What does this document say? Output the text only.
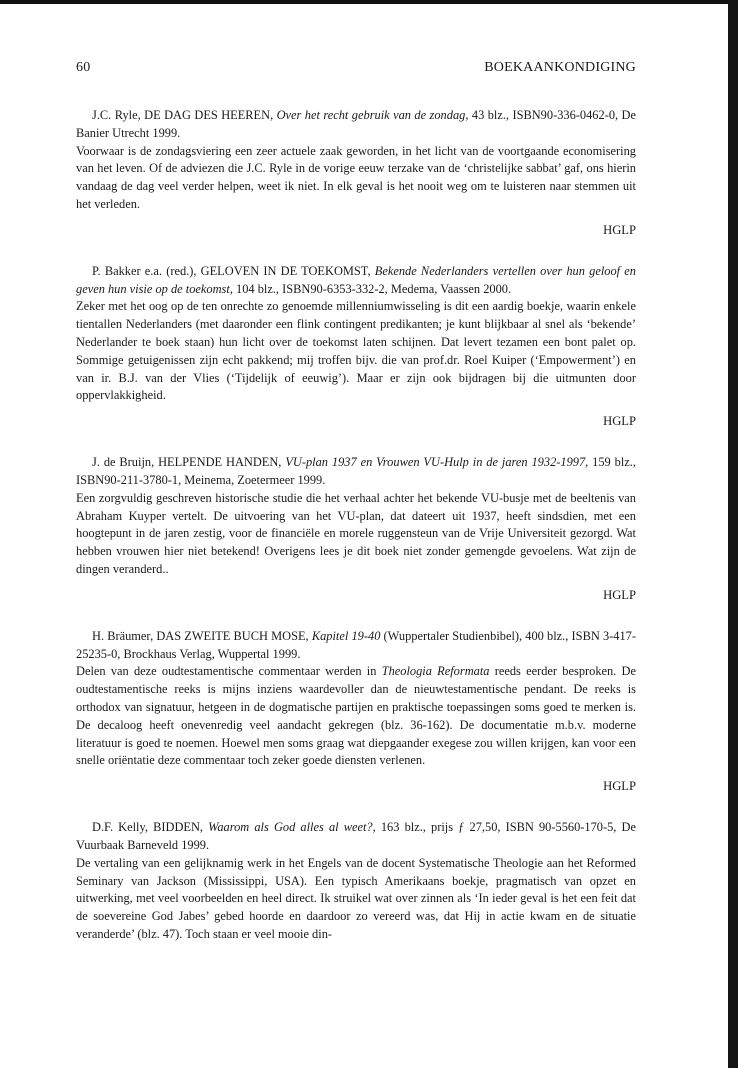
60	BOEKAANKONDIGING

J.C. Ryle, DE DAG DES HEEREN, Over het recht gebruik van de zondag, 43 blz., ISBN90-336-0462-0, De Banier Utrecht 1999.

Voorwaar is de zondagsviering een zeer actuele zaak geworden, in het licht van de voortgaande economisering van het leven. Of de adviezen die J.C. Ryle in de vorige eeuw terzake van de ‘christelijke sabbat’ gaf, ons hierin vandaag de dag veel verder helpen, weet ik niet. In elk geval is het nooit weg om te luisteren naar stemmen uit het verleden.

HGLP

P. Bakker e.a. (red.), GELOVEN IN DE TOEKOMST, Bekende Nederlanders vertellen over hun geloof en geven hun visie op de toekomst, 104 blz., ISBN90-6353-332-2, Medema, Vaassen 2000.

Zeker met het oog op de ten onrechte zo genoemde millenniumwisseling is dit een aardig boekje, waarin enkele tientallen Nederlanders (met daaronder een flink contingent predikanten; je kunt blijkbaar al snel als ‘bekende’ Nederlander te boek staan) hun licht over de toekomst laten schijnen. Dat levert tezamen een bont palet op. Sommige getuigenissen zijn echt pakkend; mij troffen bijv. die van prof.dr. Roel Kuiper (‘Empowerment’) en van ir. B.J. van der Vlies (‘Tijdelijk of eeuwig’). Maar er zijn ook bijdragen bij die uitmunten door oppervlakkigheid.

HGLP

J. de Bruijn, HELPENDE HANDEN, VU-plan 1937 en Vrouwen VU-Hulp in de jaren 1932-1997, 159 blz., ISBN90-211-3780-1, Meinema, Zoetermeer 1999.

Een zorgvuldig geschreven historische studie die het verhaal achter het bekende VU-busje met de beeltenis van Abraham Kuyper vertelt. De uitvoering van het VU-plan, dat dateert uit 1937, heeft sindsdien, met een hoogtepunt in de jaren zestig, voor de financiële en morele ruggensteun van de Vrije Universiteit gezorgd. Wat hebben vrouwen hier niet betekend! Overigens lees je dit boek niet zonder gemengde gevoelens. Wat zijn de dingen veranderd..

HGLP

H. Bräumer, DAS ZWEITE BUCH MOSE, Kapitel 19-40 (Wuppertaler Studienbibel), 400 blz., ISBN 3-417-25235-0, Brockhaus Verlag, Wuppertal 1999.

Delen van deze oudtestamentische commentaar werden in Theologia Reformata reeds eerder besproken. De oudtestamentische reeks is mijns inziens waardevoller dan de nieuwtestamentische pendant. De reeks is orthodox van signatuur, hetgeen in de dogmatische partijen en praktische toepassingen soms goed te merken is. De decaloog heeft onevenredig veel aandacht gekregen (blz. 36-162). De documentatie m.b.v. moderne literatuur is goed te noemen. Hoewel men soms graag wat diepgaander exegese zou willen krijgen, kan voor een snelle oriëntatie deze commentaar toch zeker goede diensten verlenen.

HGLP

D.F. Kelly, BIDDEN, Waarom als God alles al weet?, 163 blz., prijs ƒ 27,50, ISBN 90-5560-170-5, De Vuurbaak Barneveld 1999.

De vertaling van een gelijknamig werk in het Engels van de docent Systematische Theologie aan het Reformed Seminary van Jackson (Mississippi, USA). Een typisch Amerikaans boekje, pragmatisch van opzet en uitwerking, met veel voorbeelden en heel direct. Ik struikel wat over zinnen als ‘In ieder geval is het een feit dat de soevereine God Jabes’ gebed hoorde en daardoor zo vereerd was, dat Hij in actie kwam en de situatie veranderde’ (blz. 47). Toch staan er veel mooie din-
